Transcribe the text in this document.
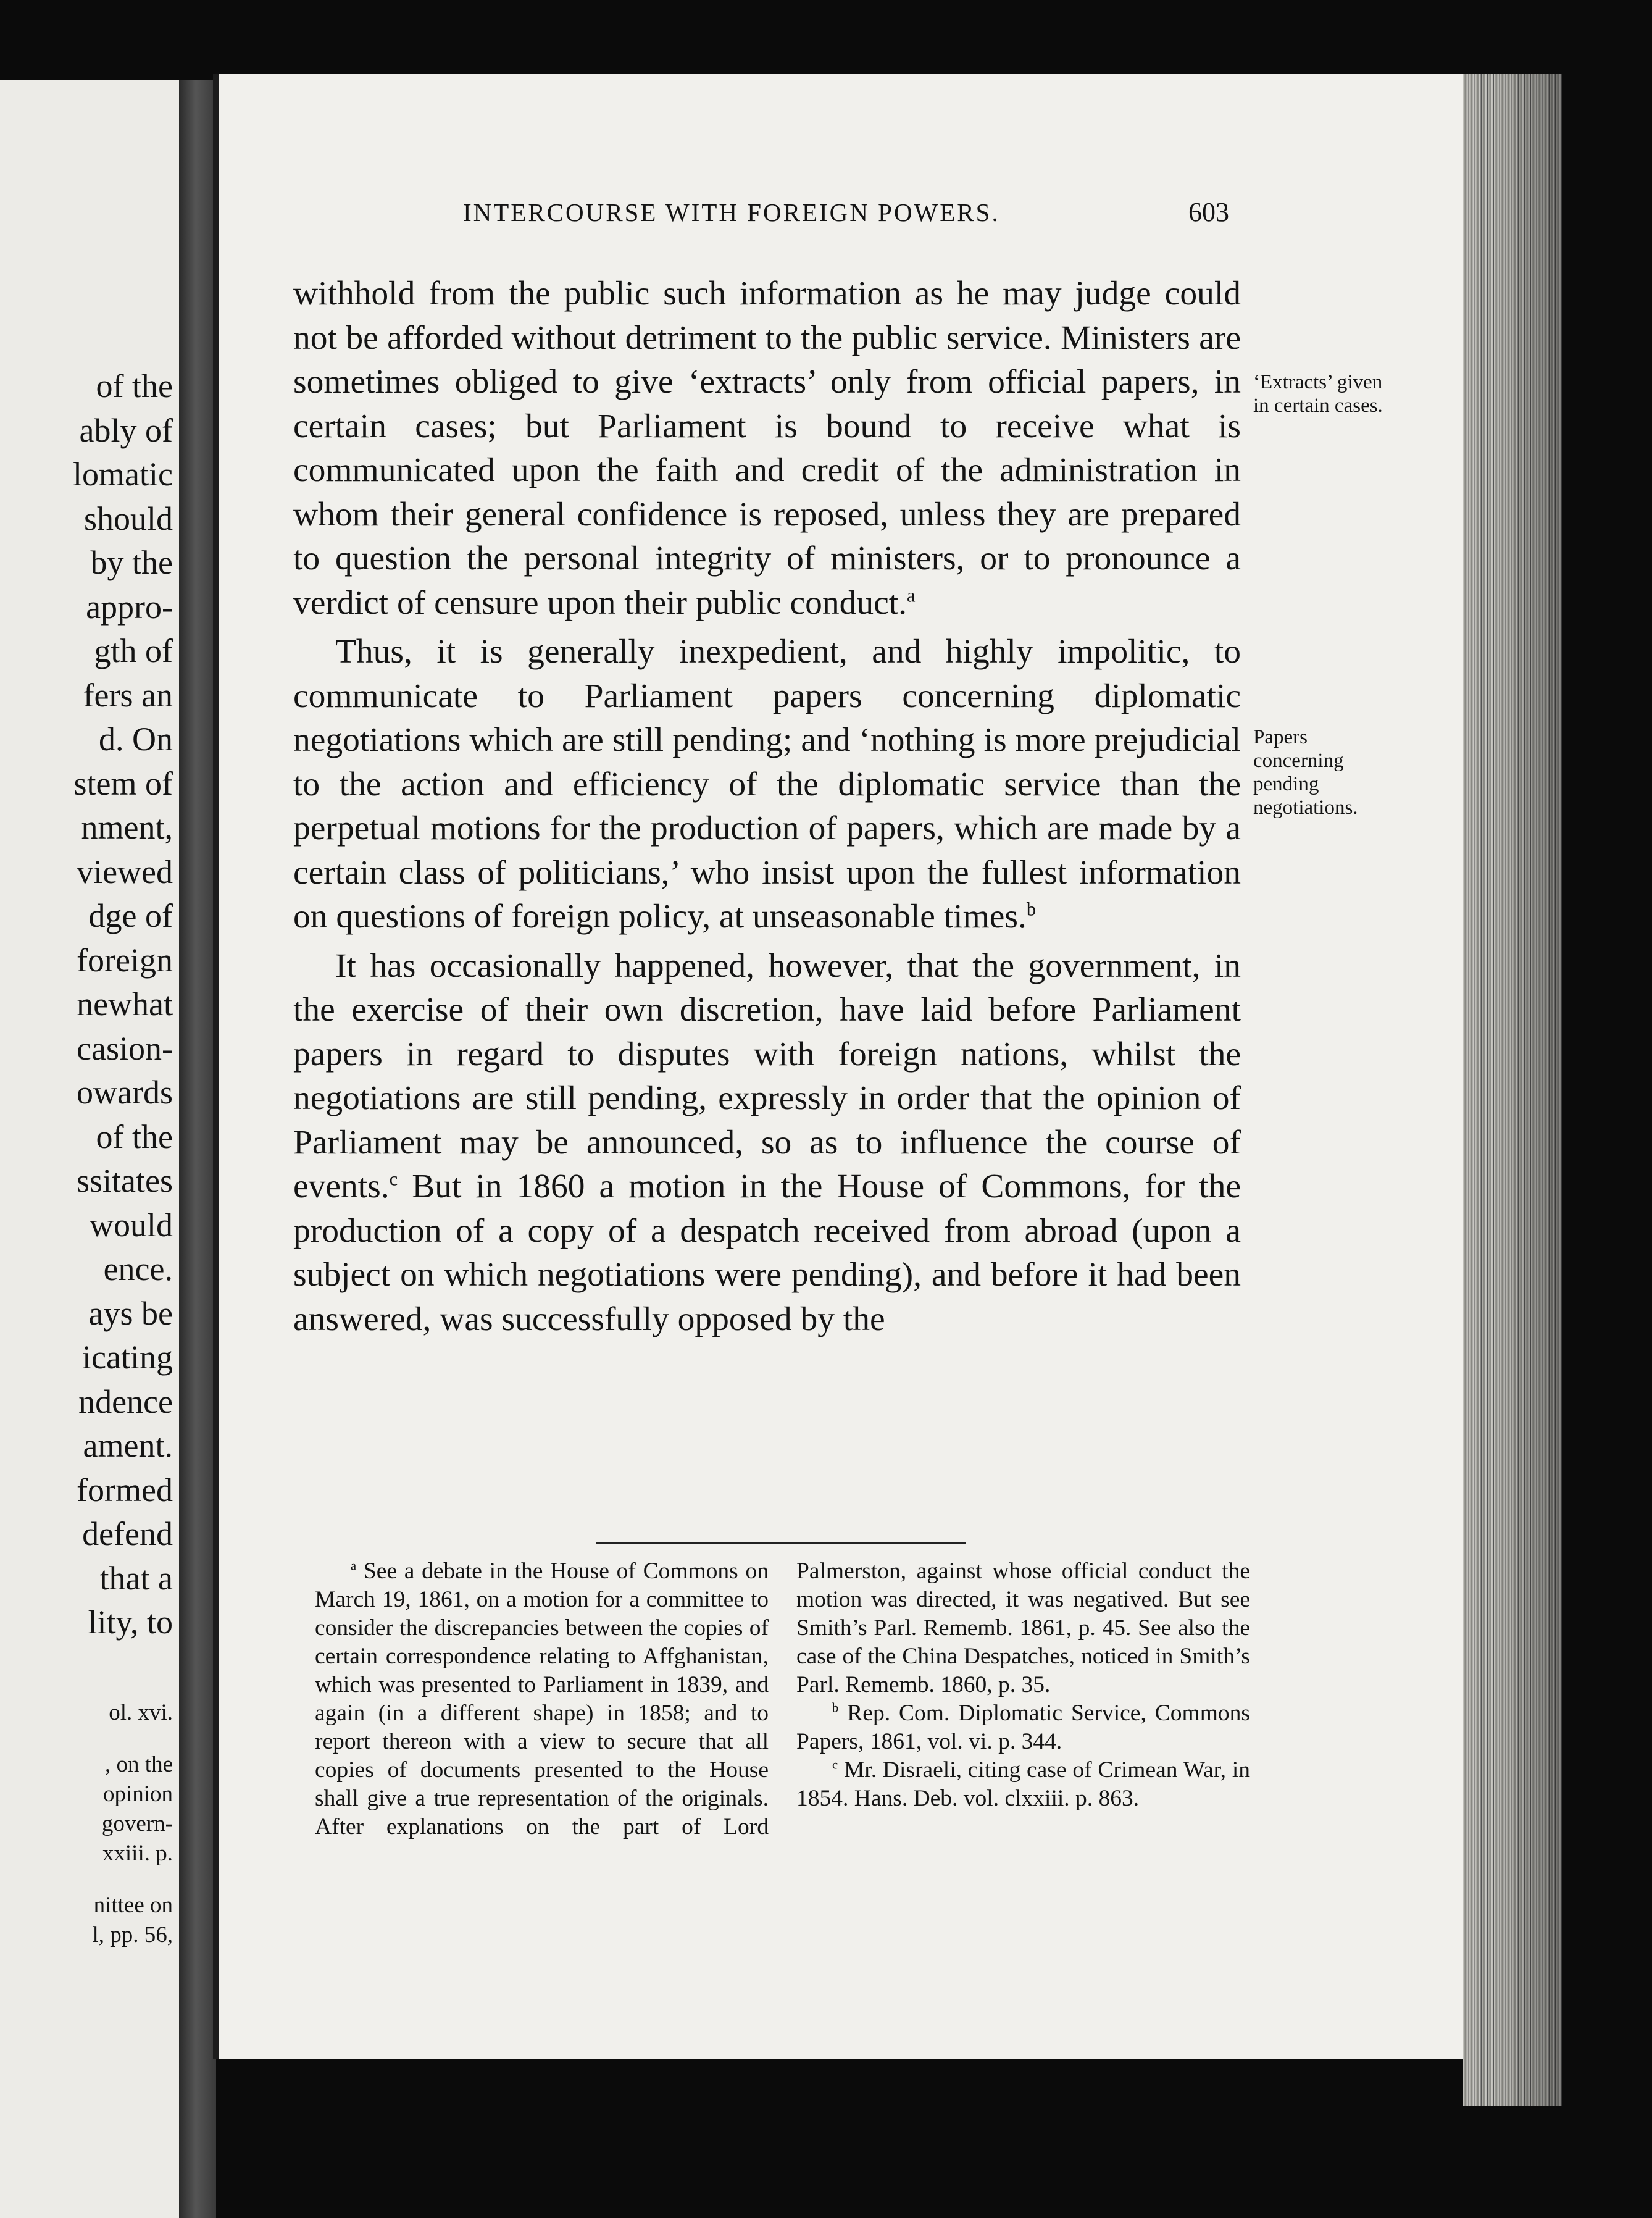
of the
ably of
lomatic
should
by the
appro-
gth of
fers an
d. On
stem of
nment,
viewed
dge of
foreign
newhat
casion-
owards
of the
ssitates
would
ence.
ays be
icating
ndence
ament.
formed
defend
that a
lity, to
ol. xvi.
, on the
opinion
govern-
xxiii. p.
nittee on
l, pp. 56,
INTERCOURSE WITH FOREIGN POWERS.	603

withhold from the public such information as he may judge could not be afforded without detriment to the public service. Ministers are sometimes obliged to give ‘extracts’ only from official papers, in certain cases; but Parliament is bound to receive what is communicated upon the faith and credit of the administration in whom their general confidence is reposed, unless they are prepared to question the personal integrity of ministers, or to pronounce a verdict of censure upon their public conduct.$^a$

Thus, it is generally inexpedient, and highly impolitic, to communicate to Parliament papers concerning diplomatic negotiations which are still pending; and ‘nothing is more prejudicial to the action and efficiency of the diplomatic service than the perpetual motions for the production of papers, which are made by a certain class of politicians,’ who insist upon the fullest information on questions of foreign policy, at unseasonable times.$^b$

It has occasionally happened, however, that the government, in the exercise of their own discretion, have laid before Parliament papers in regard to disputes with foreign nations, whilst the negotiations are still pending, expressly in order that the opinion of Parliament may be announced, so as to influence the course of events.$^c$ But in 1860 a motion in the House of Commons, for the production of a copy of a despatch received from abroad (upon a subject on which negotiations were pending), and before it had been answered, was successfully opposed by the

‘Extracts’ given in certain cases.
Papers concerning pending negotiations.

$^a$ See a debate in the House of Commons on March 19, 1861, on a motion for a committee to consider the discrepancies between the copies of certain correspondence relating to Affghanistan, which was presented to Parliament in 1839, and again (in a different shape) in 1858; and to report thereon with a view to secure that all copies of documents presented to the House shall give a true representation of the originals. After explanations on the part of Lord Palmerston, against whose official conduct the motion was directed, it was negatived. But see Smith’s Parl. Rememb. 1861, p. 45. See also the case of the China Despatches, noticed in Smith’s Parl. Rememb. 1860, p. 35.

$^b$ Rep. Com. Diplomatic Service, Commons Papers, 1861, vol. vi. p. 344.

$^c$ Mr. Disraeli, citing case of Crimean War, in 1854. Hans. Deb. vol. clxxiii. p. 863.
